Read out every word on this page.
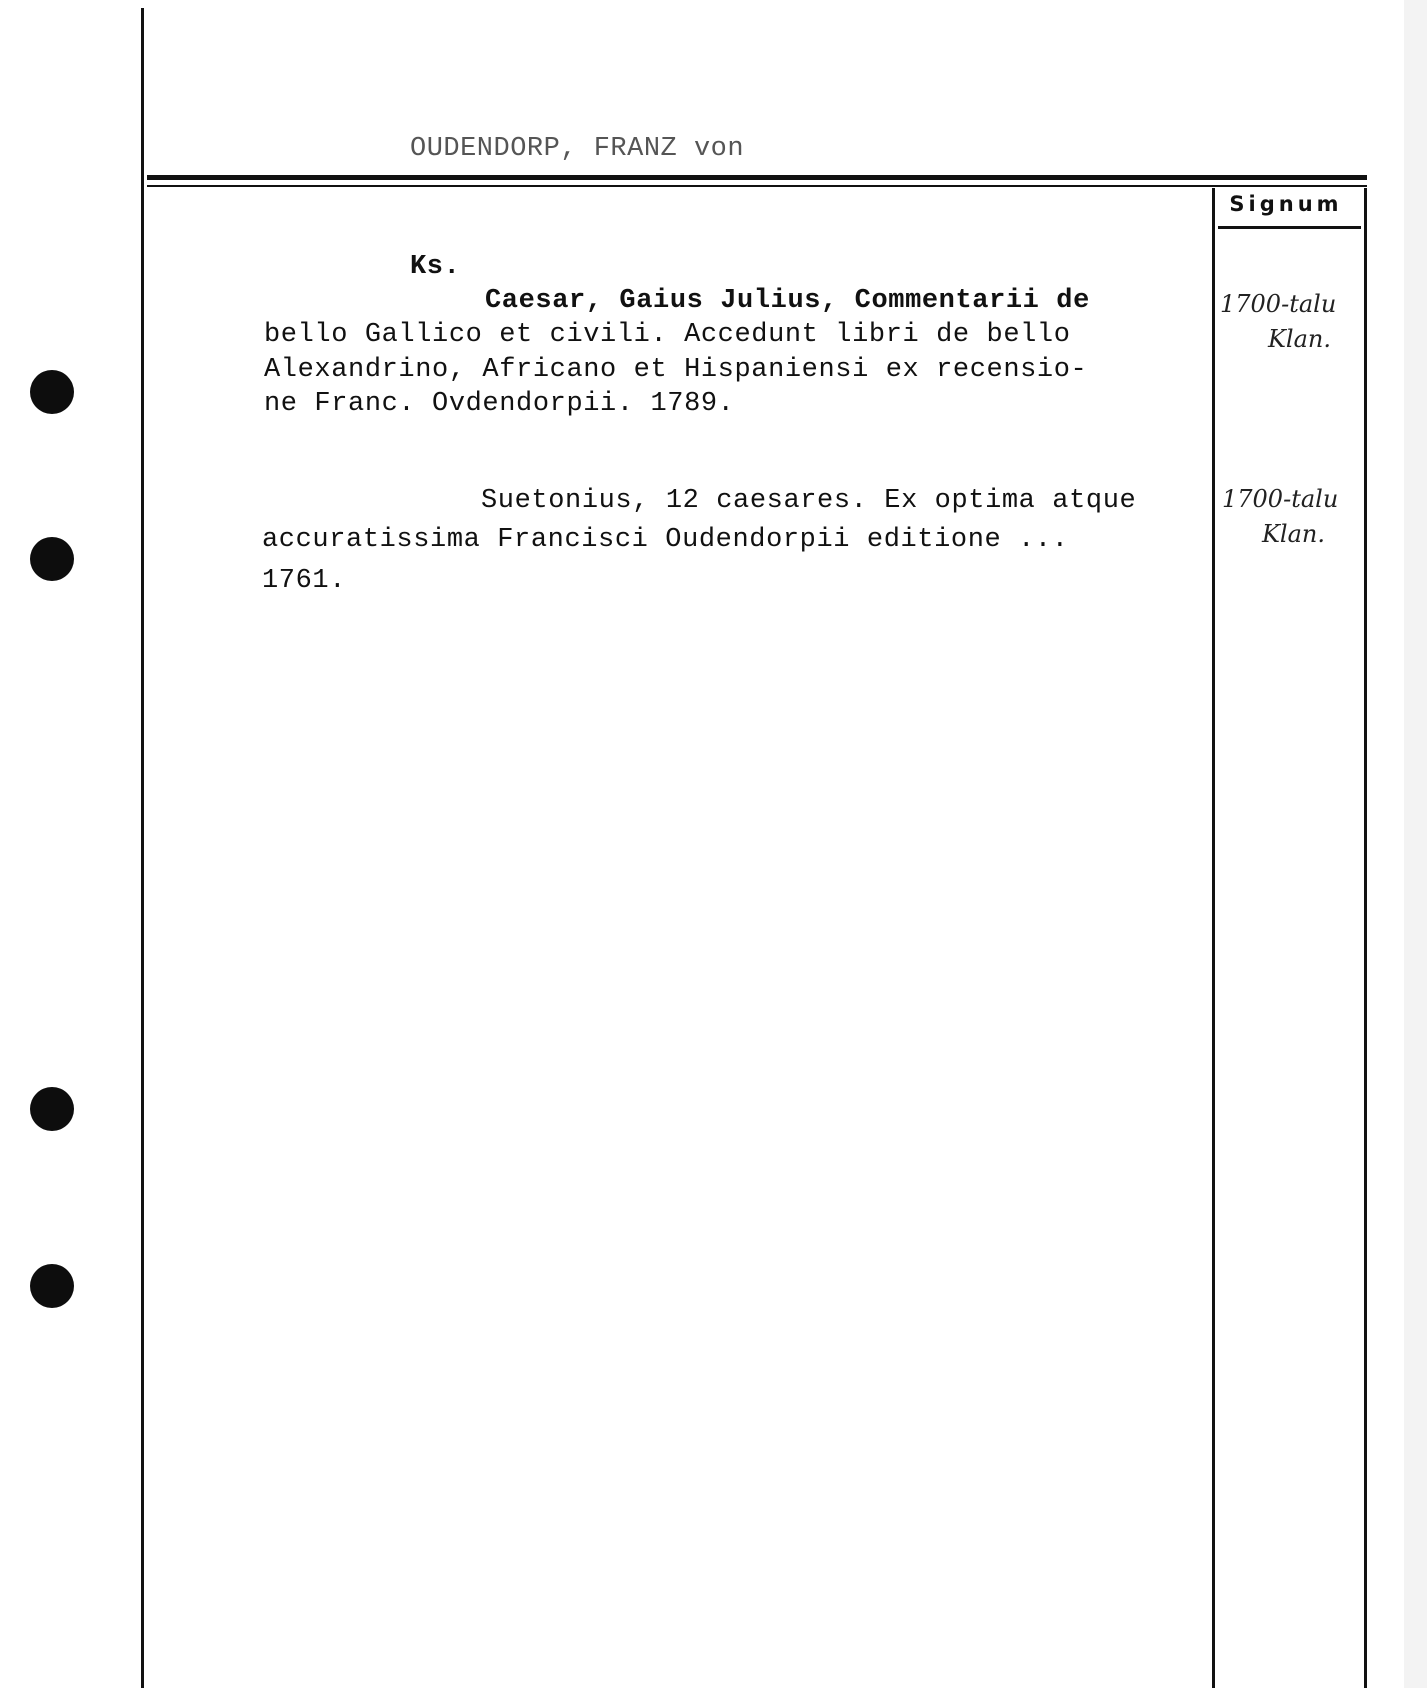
OUDENDORP, FRANZ von
Signum
Ks.
Caesar, Gaius Julius, Commentarii de
bello Gallico et civili. Accedunt libri de bello
Alexandrino, Africano et Hispaniensi ex recensio-
ne Franc. Ovdendorpii. 1789.
1700-talu
Klan.
Suetonius, 12 caesares. Ex optima atque
accuratissima Francisci Oudendorpii editione ...
1761.
1700-talu
Klan.
